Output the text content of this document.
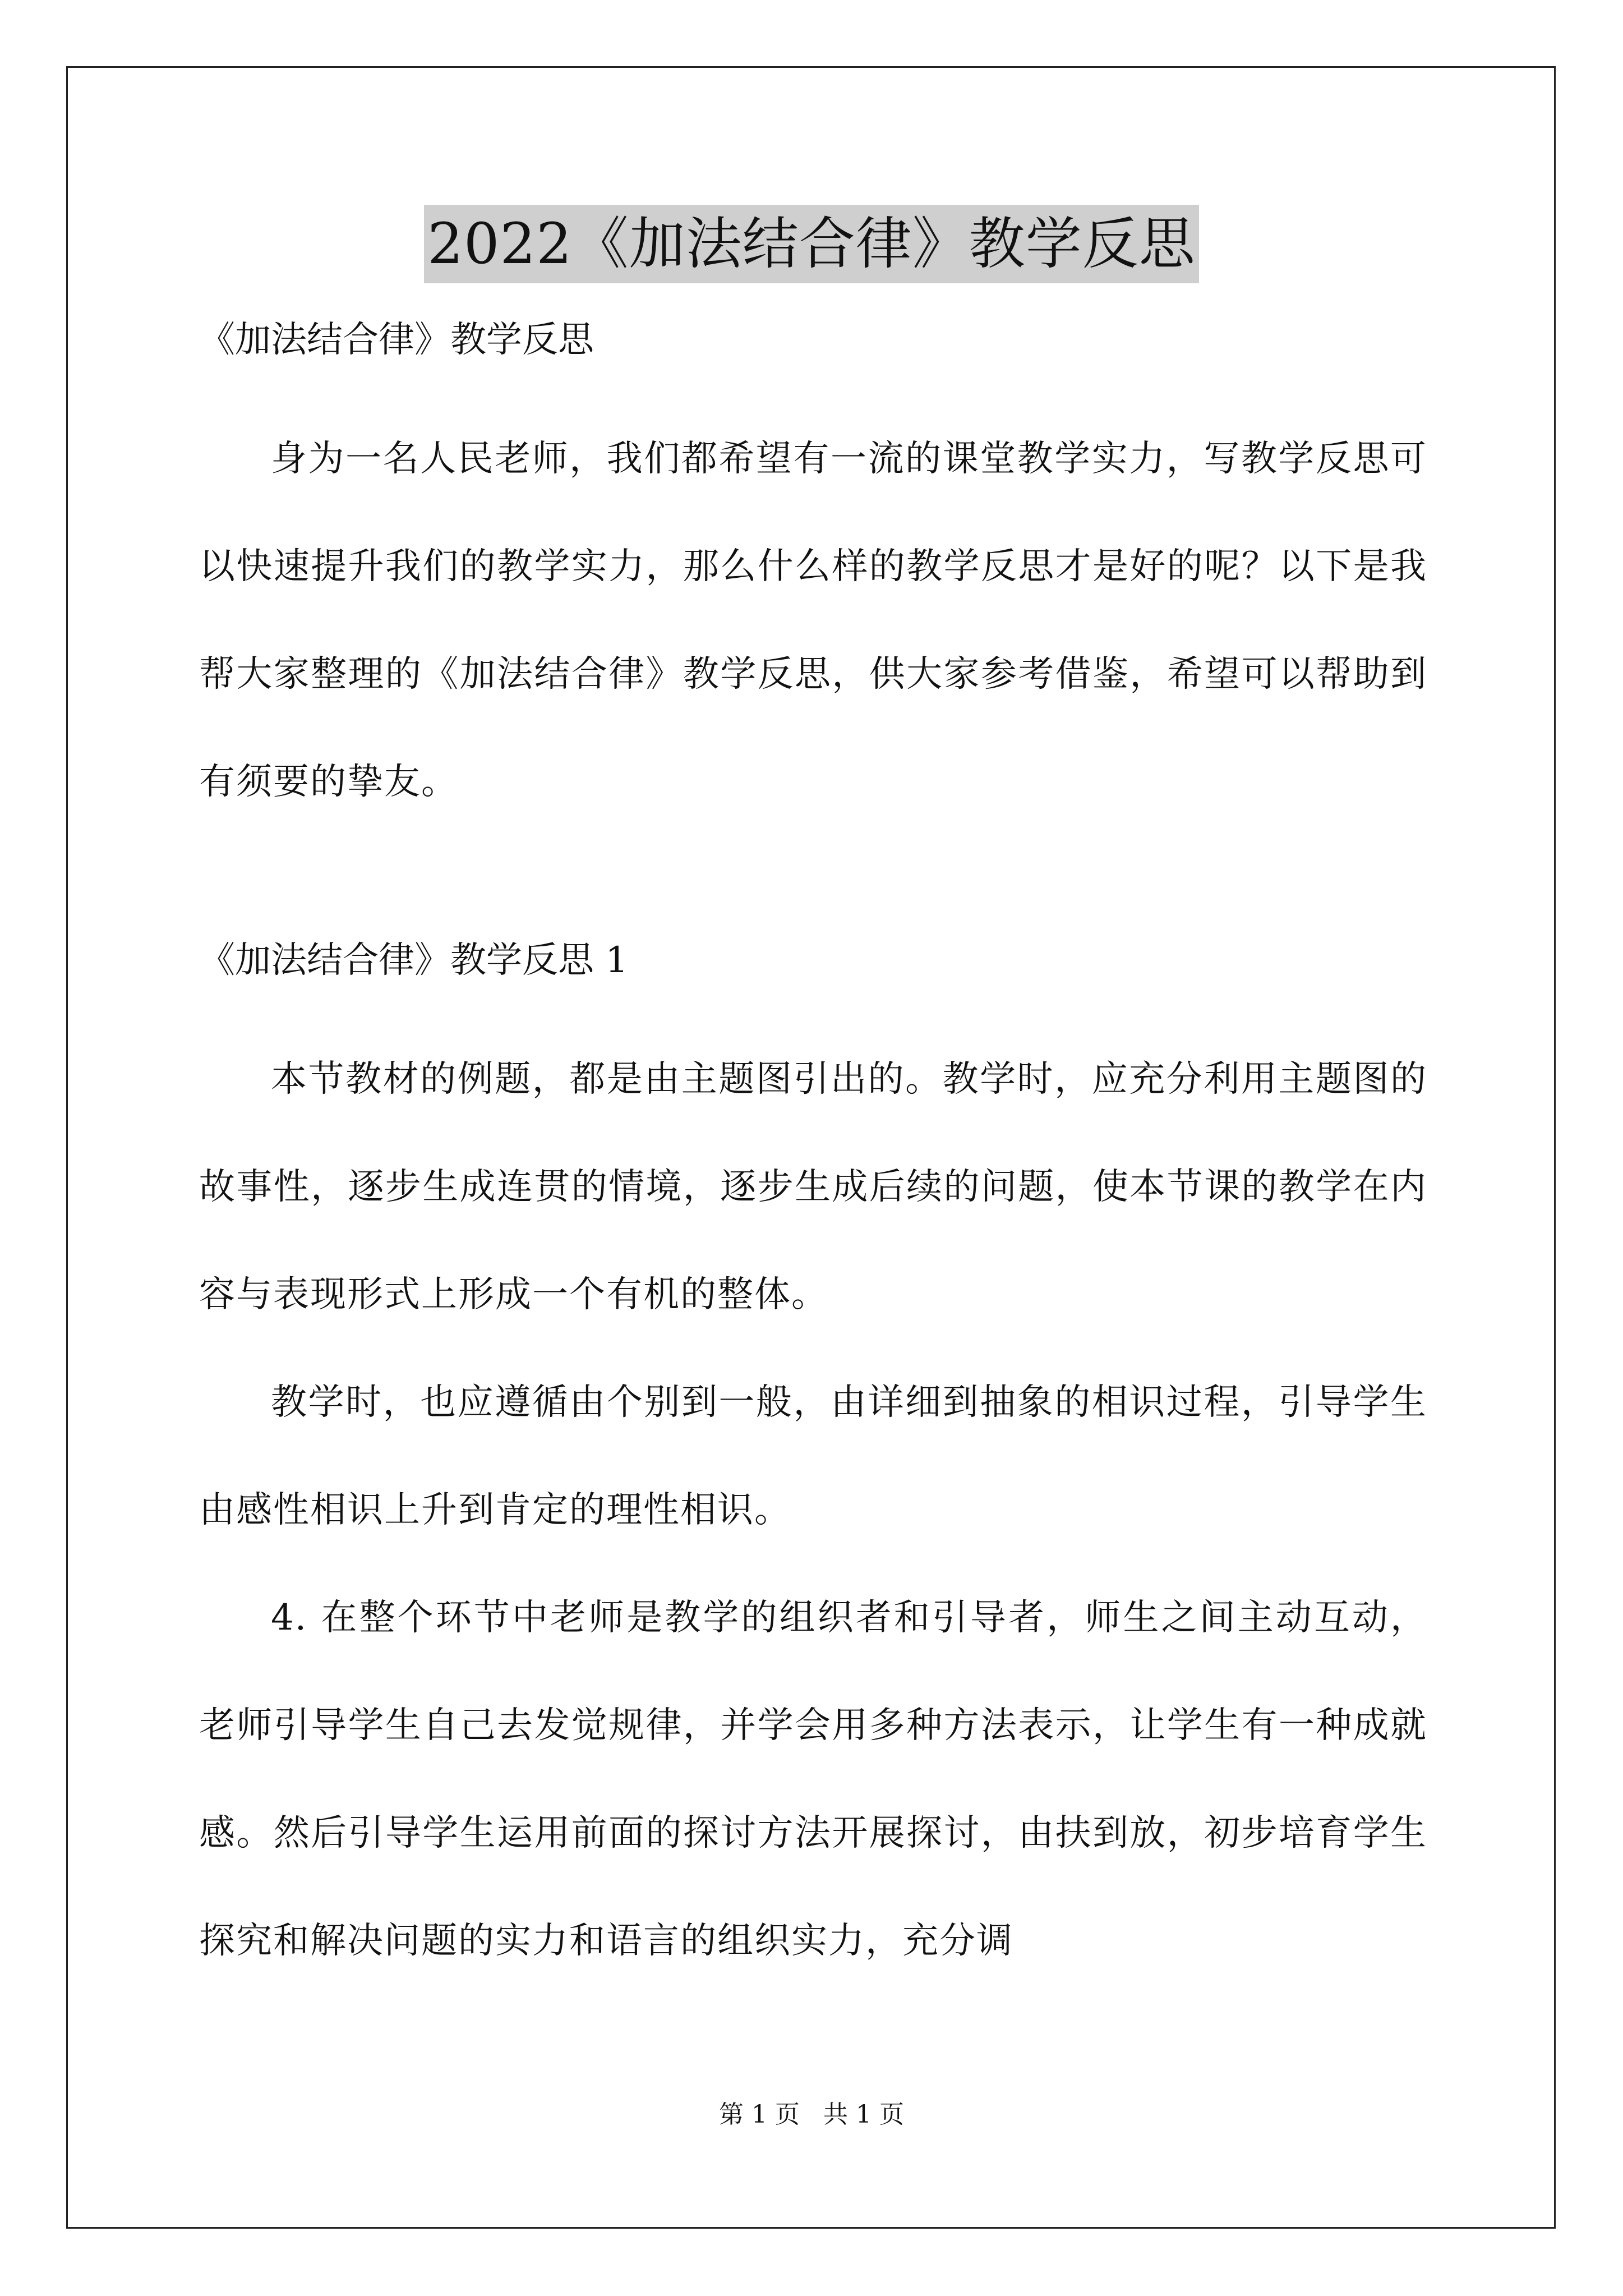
2022《加法结合律》教学反思

《加法结合律》教学反思

身为一名人民老师，我们都希望有一流的课堂教学实力，写教学反思可以快速提升我们的教学实力，那么什么样的教学反思才是好的呢？以下是我帮大家整理的《加法结合律》教学反思，供大家参考借鉴，希望可以帮助到有须要的挚友。

《加法结合律》教学反思 1

本节教材的例题，都是由主题图引出的。教学时，应充分利用主题图的故事性，逐步生成连贯的情境，逐步生成后续的问题，使本节课的教学在内容与表现形式上形成一个有机的整体。

教学时，也应遵循由个别到一般，由详细到抽象的相识过程，引导学生由感性相识上升到肯定的理性相识。

4. 在整个环节中老师是教学的组织者和引导者，师生之间主动互动，老师引导学生自己去发觉规律，并学会用多种方法表示，让学生有一种成就感。然后引导学生运用前面的探讨方法开展探讨，由扶到放，初步培育学生探究和解决问题的实力和语言的组织实力，充分调

第 1 页 共 1 页
